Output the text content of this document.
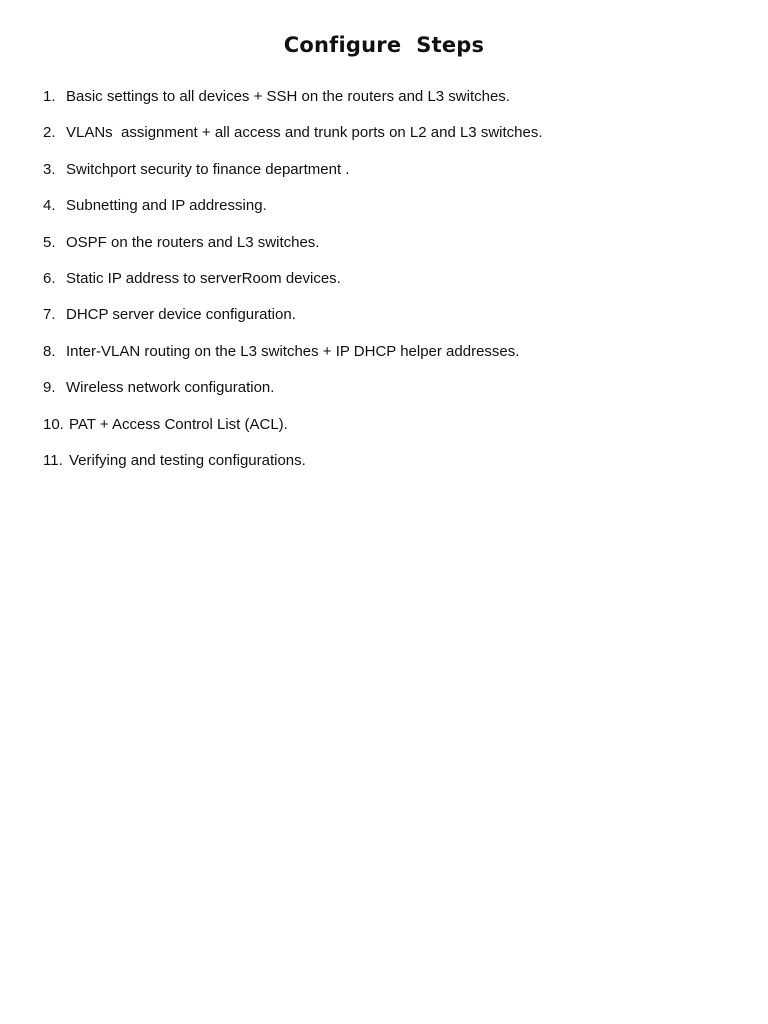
Configure  Steps
1. Basic settings to all devices + SSH on the routers and L3 switches.
2. VLANs  assignment + all access and trunk ports on L2 and L3 switches.
3. Switchport security to finance department .
4. Subnetting and IP addressing.
5. OSPF on the routers and L3 switches.
6. Static IP address to serverRoom devices.
7. DHCP server device configuration.
8. Inter-VLAN routing on the L3 switches + IP DHCP helper addresses.
9. Wireless network configuration.
10. PAT + Access Control List (ACL).
11. Verifying and testing configurations.
